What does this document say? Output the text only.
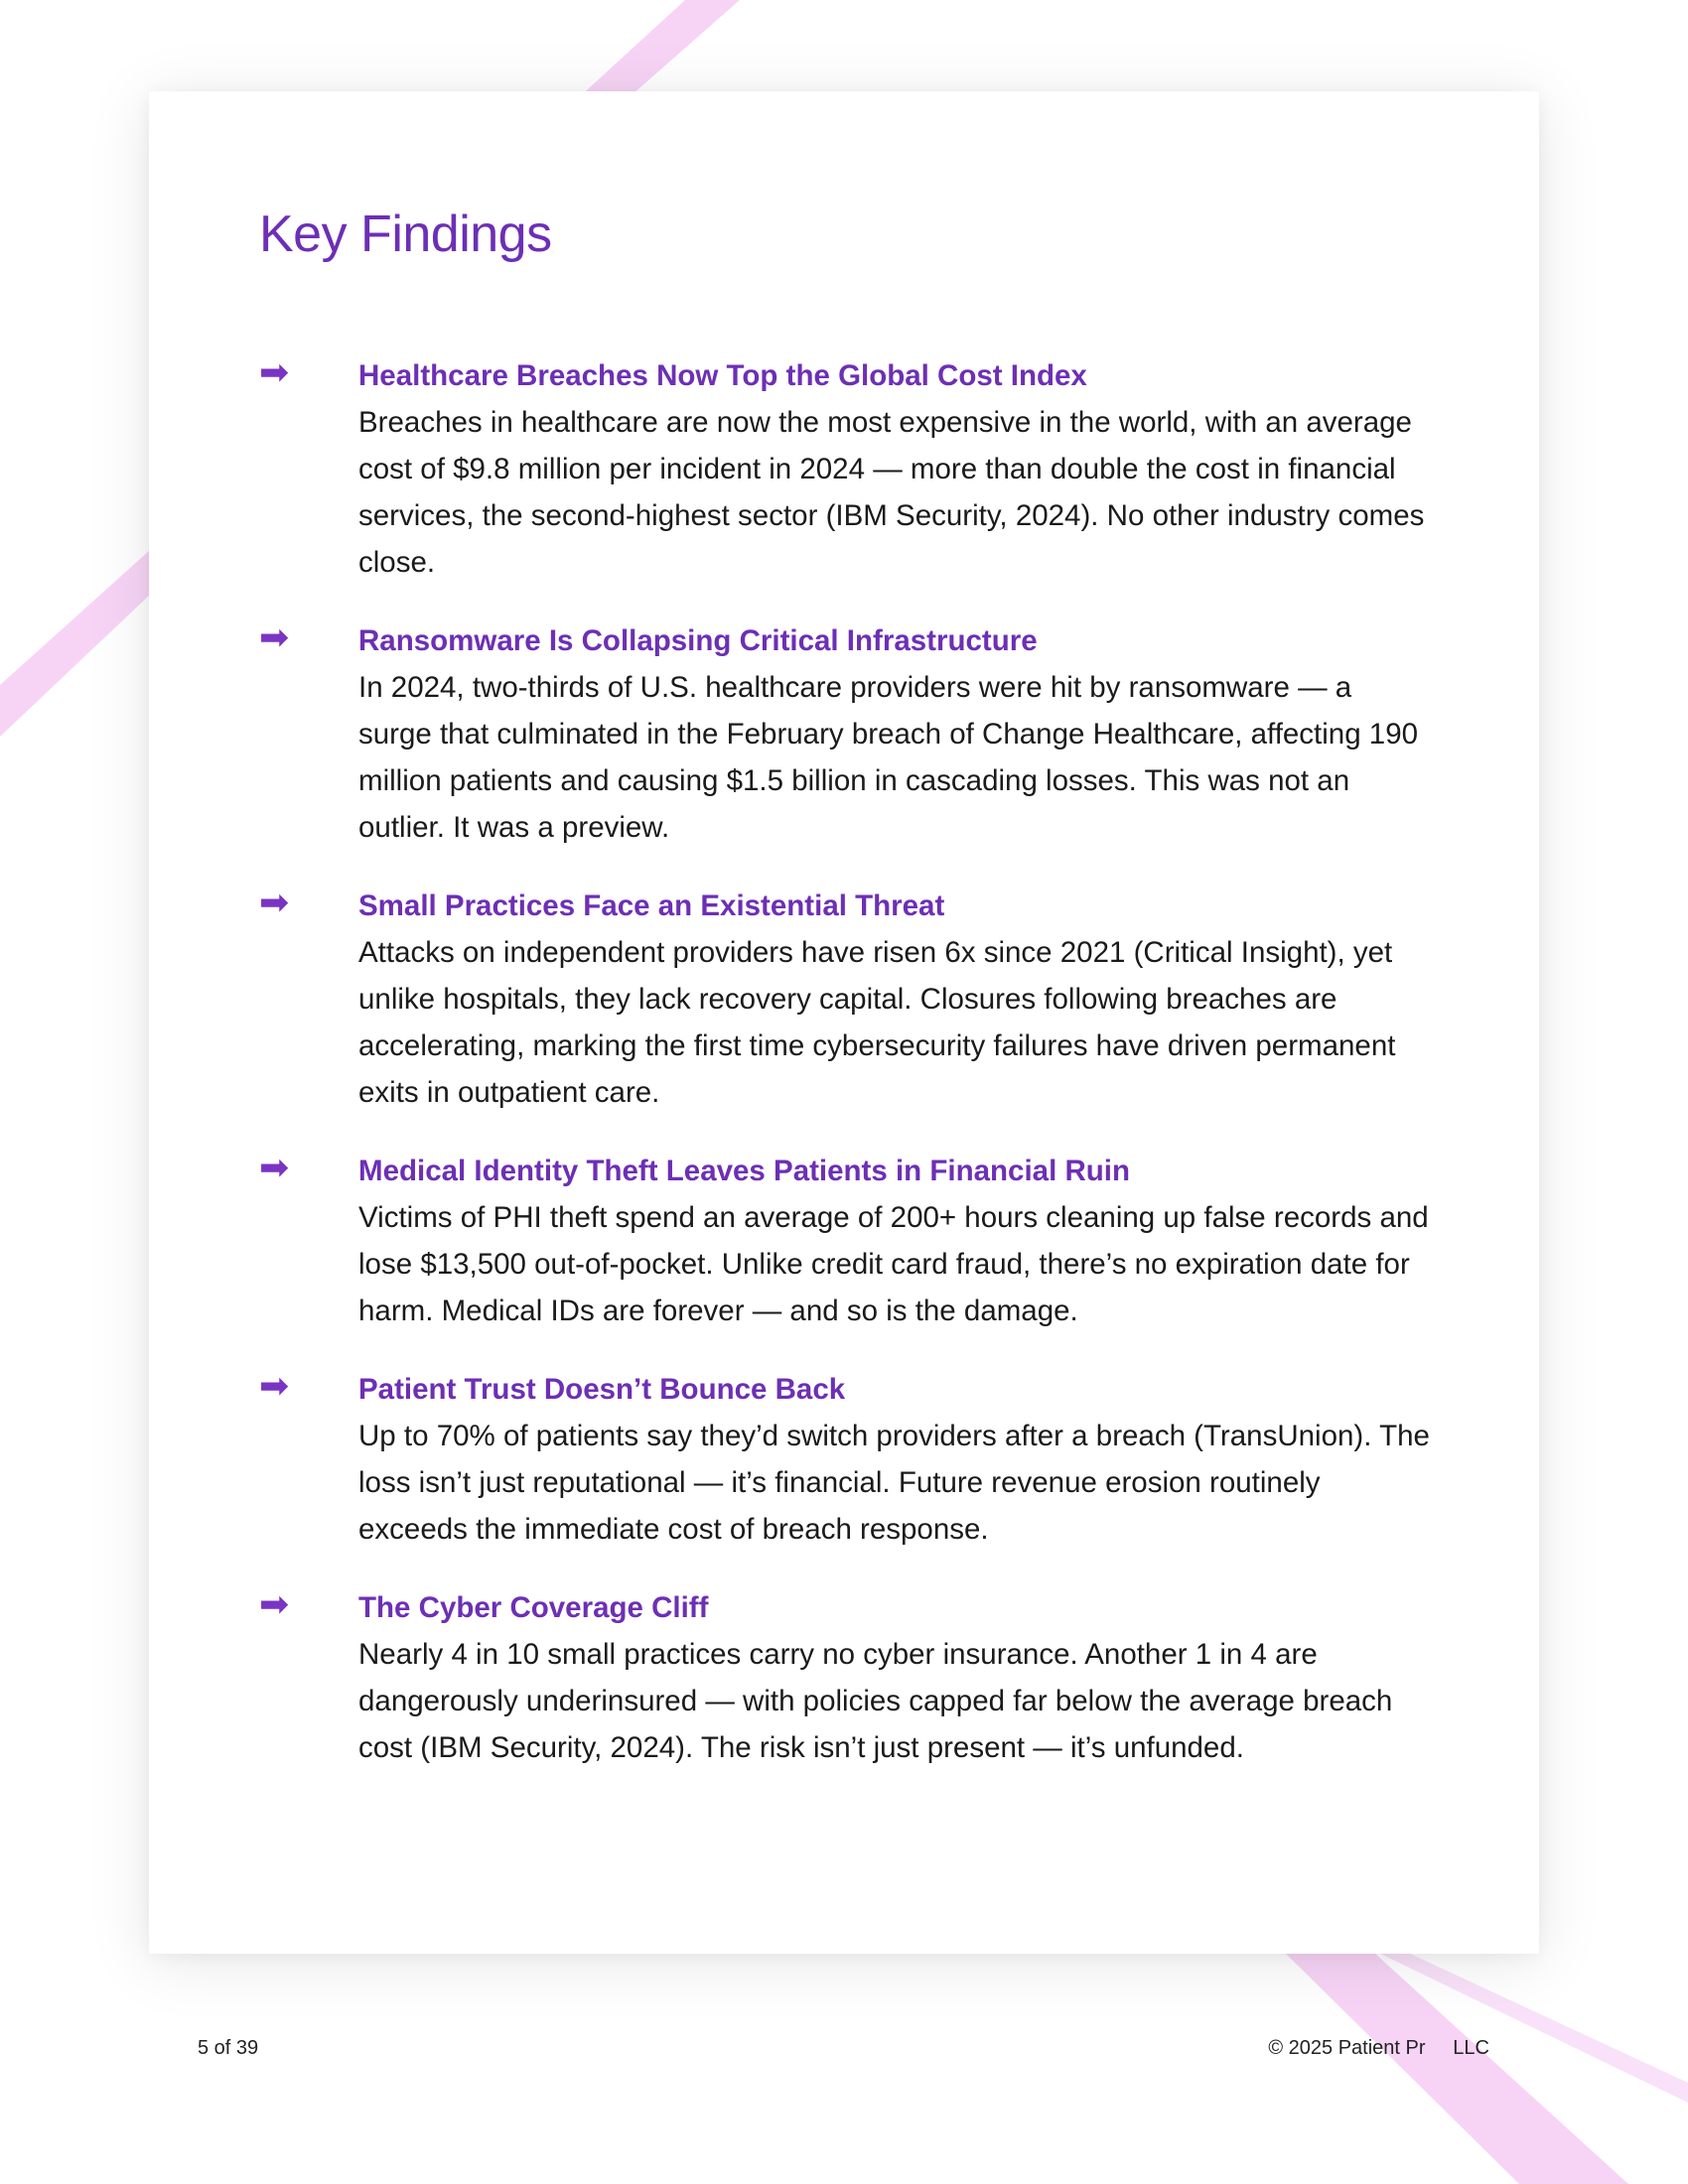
Key Findings
➡ Healthcare Breaches Now Top the Global Cost Index

Breaches in healthcare are now the most expensive in the world, with an average cost of $9.8 million per incident in 2024 — more than double the cost in financial services, the second-highest sector (IBM Security, 2024). No other industry comes close.

➡ Ransomware Is Collapsing Critical Infrastructure

In 2024, two-thirds of U.S. healthcare providers were hit by ransomware — a surge that culminated in the February breach of Change Healthcare, affecting 190 million patients and causing $1.5 billion in cascading losses. This was not an outlier. It was a preview.

➡ Small Practices Face an Existential Threat

Attacks on independent providers have risen 6x since 2021 (Critical Insight), yet unlike hospitals, they lack recovery capital. Closures following breaches are accelerating, marking the first time cybersecurity failures have driven permanent exits in outpatient care.

➡ Medical Identity Theft Leaves Patients in Financial Ruin

Victims of PHI theft spend an average of 200+ hours cleaning up false records and lose $13,500 out-of-pocket. Unlike credit card fraud, there’s no expiration date for harm. Medical IDs are forever — and so is the damage.

➡ Patient Trust Doesn’t Bounce Back

Up to 70% of patients say they’d switch providers after a breach (TransUnion). The loss isn’t just reputational — it’s financial. Future revenue erosion routinely exceeds the immediate cost of breach response.

➡ The Cyber Coverage Cliff

Nearly 4 in 10 small practices carry no cyber insurance. Another 1 in 4 are dangerously underinsured — with policies capped far below the average breach cost (IBM Security, 2024). The risk isn’t just present — it’s unfunded.

5 of 39	© 2025 Patient Pr     LLC
